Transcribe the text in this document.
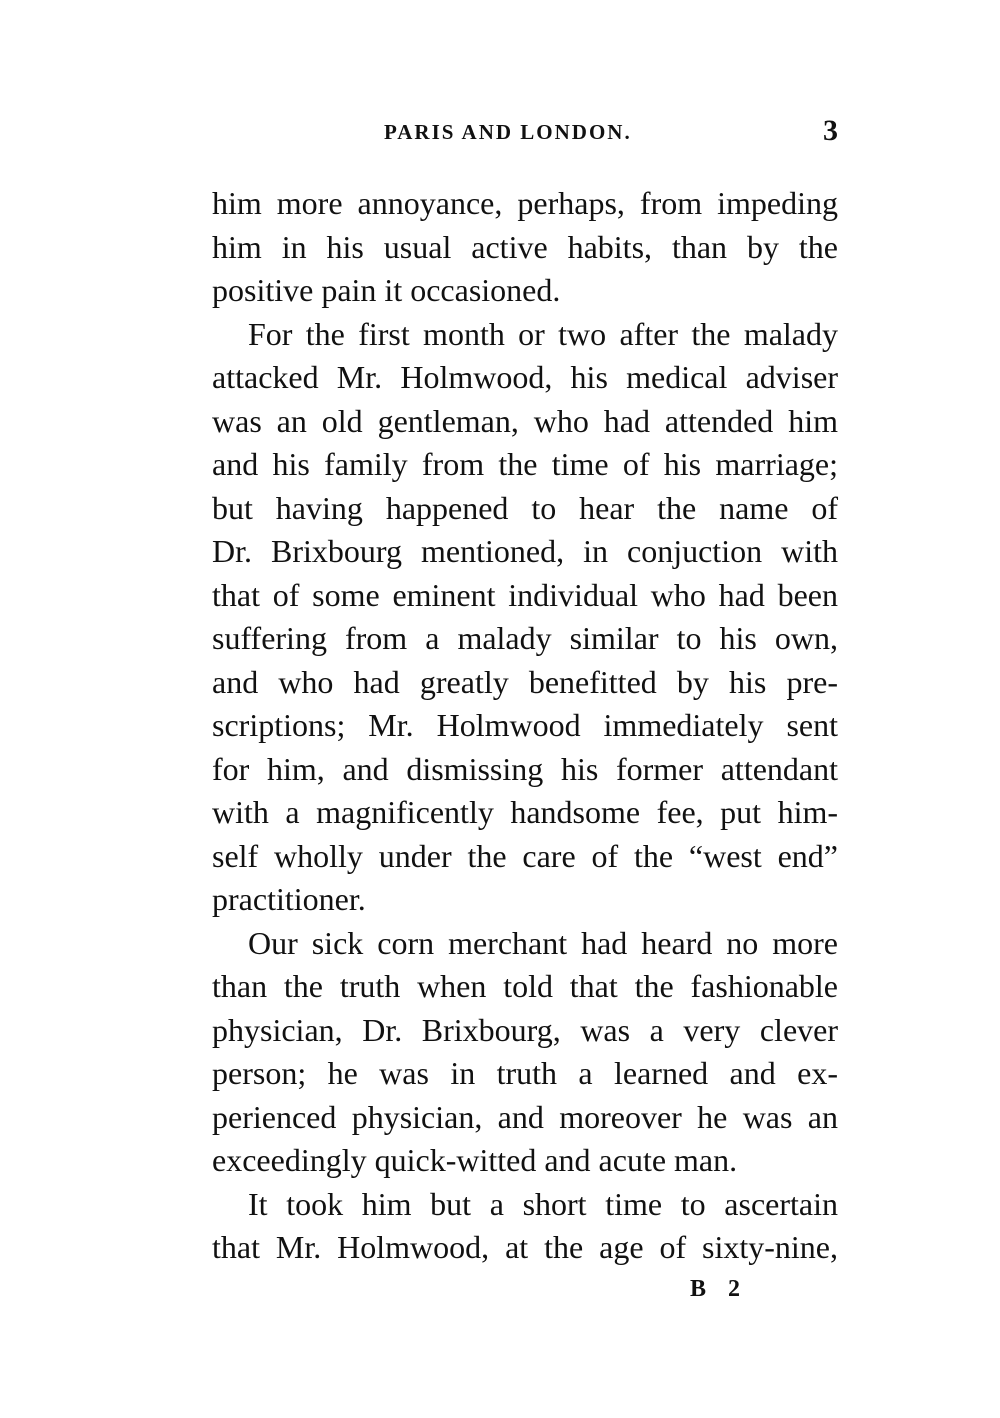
PARIS AND LONDON.	3
him more annoyance, perhaps, from impeding
him in his usual active habits, than by the
positive pain it occasioned.
For the first month or two after the malady
attacked Mr. Holmwood, his medical adviser
was an old gentleman, who had attended him
and his family from the time of his marriage;
but having happened to hear the name of
Dr. Brixbourg mentioned, in conjuction with
that of some eminent individual who had been
suffering from a malady similar to his own,
and who had greatly benefitted by his pre-
scriptions; Mr. Holmwood immediately sent
for him, and dismissing his former attendant
with a magnificently handsome fee, put him-
self wholly under the care of the “west end”
practitioner.
Our sick corn merchant had heard no more
than the truth when told that the fashionable
physician, Dr. Brixbourg, was a very clever
person; he was in truth a learned and ex-
perienced physician, and moreover he was an
exceedingly quick-witted and acute man.
It took him but a short time to ascertain
that Mr. Holmwood, at the age of sixty-nine,
B 2
